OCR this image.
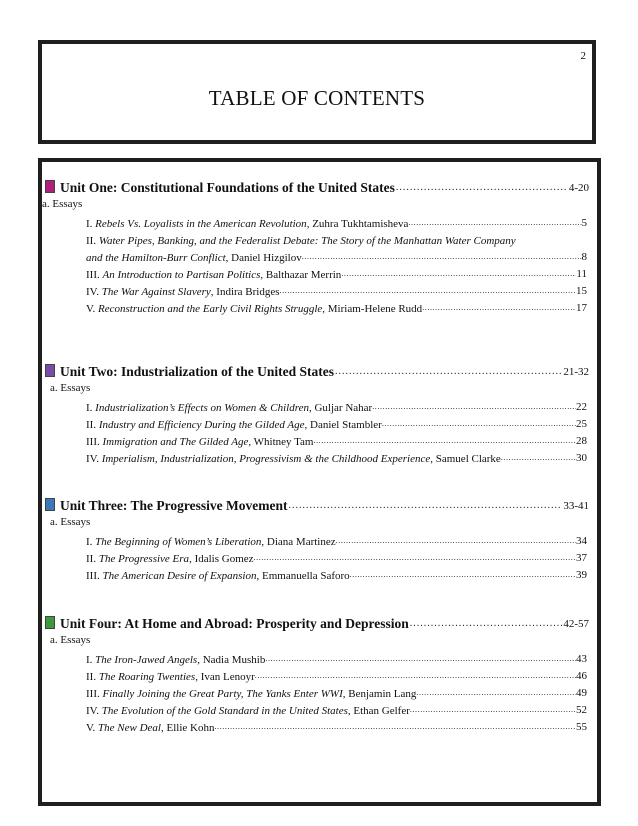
2
TABLE OF CONTENTS
Unit One: Constitutional Foundations of the United States .....	4-20
a. Essays
I. Rebels Vs. Loyalists in the American Revolution, Zuhra Tukhtamisheva .....	5
II. Water Pipes, Banking, and the Federalist Debate: The Story of the Manhattan Water Company
and the Hamilton-Burr Conflict, Daniel Hizgilov .....	8
III. An Introduction to Partisan Politics, Balthazar Merrin .....	11
IV. The War Against Slavery, Indira Bridges .....	15
V. Reconstruction and the Early Civil Rights Struggle, Miriam-Helene Rudd .....	17
Unit Two: Industrialization of the United States .....	21-32
a. Essays
I. Industrialization’s Effects on Women & Children, Guljar Nahar .....	22
II. Industry and Efficiency During the Gilded Age, Daniel Stambler .....	25
III. Immigration and The Gilded Age, Whitney Tam .....	28
IV. Imperialism, Industrialization, Progressivism & the Childhood Experience, Samuel Clarke .....	30
Unit Three: The Progressive Movement .....	33-41
a. Essays
I. The Beginning of Women’s Liberation, Diana Martinez .....	34
II. The Progressive Era, Idalis Gomez .....	37
III. The American Desire of Expansion, Emmanuella Saforo .....	39
Unit Four: At Home and Abroad: Prosperity and Depression .....	42-57
a. Essays
I. The Iron-Jawed Angels, Nadia Mushib .....	43
II. The Roaring Twenties, Ivan Lenoyr .....	46
III. Finally Joining the Great Party, The Yanks Enter WWI, Benjamin Lang .....	49
IV. The Evolution of the Gold Standard in the United States, Ethan Gelfer .....	52
V. The New Deal, Ellie Kohn .....	55
